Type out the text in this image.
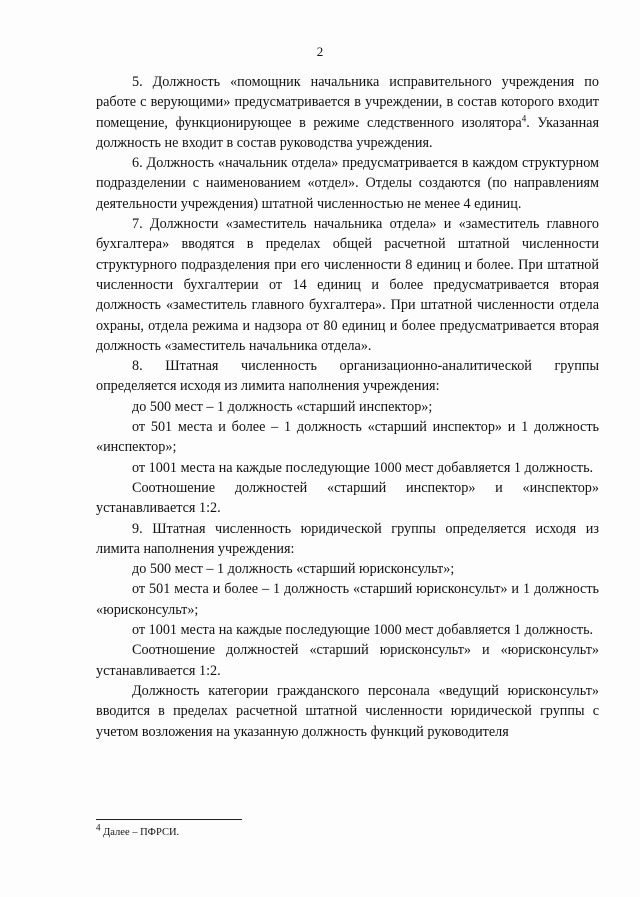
2

5. Должность «помощник начальника исправительного учреждения по работе с верующими» предусматривается в учреждении, в состав которого входит помещение, функционирующее в режиме следственного изолятора$^4$. Указанная должность не входит в состав руководства учреждения.

6. Должность «начальник отдела» предусматривается в каждом структурном подразделении с наименованием «отдел». Отделы создаются (по направлениям деятельности учреждения) штатной численностью не менее 4 единиц.

7. Должности «заместитель начальника отдела» и «заместитель главного бухгалтера» вводятся в пределах общей расчетной штатной численности структурного подразделения при его численности 8 единиц и более. При штатной численности бухгалтерии от 14 единиц и более предусматривается вторая должность «заместитель главного бухгалтера». При штатной численности отдела охраны, отдела режима и надзора от 80 единиц и более предусматривается вторая должность «заместитель начальника отдела».

8. Штатная численность организационно-аналитической группы определяется исходя из лимита наполнения учреждения:

до 500 мест – 1 должность «старший инспектор»;

от 501 места и более – 1 должность «старший инспектор» и 1 должность «инспектор»;

от 1001 места на каждые последующие 1000 мест добавляется 1 должность.

Соотношение должностей «старший инспектор» и «инспектор» устанавливается 1:2.

9. Штатная численность юридической группы определяется исходя из лимита наполнения учреждения:

до 500 мест – 1 должность «старший юрисконсульт»;

от 501 места и более – 1 должность «старший юрисконсульт» и 1 должность «юрисконсульт»;

от 1001 места на каждые последующие 1000 мест добавляется 1 должность.

Соотношение должностей «старший юрисконсульт» и «юрисконсульт» устанавливается 1:2.

Должность категории гражданского персонала «ведущий юрисконсульт» вводится в пределах расчетной штатной численности юридической группы с учетом возложения на указанную должность функций руководителя

$^4$ Далее – ПФРСИ.
